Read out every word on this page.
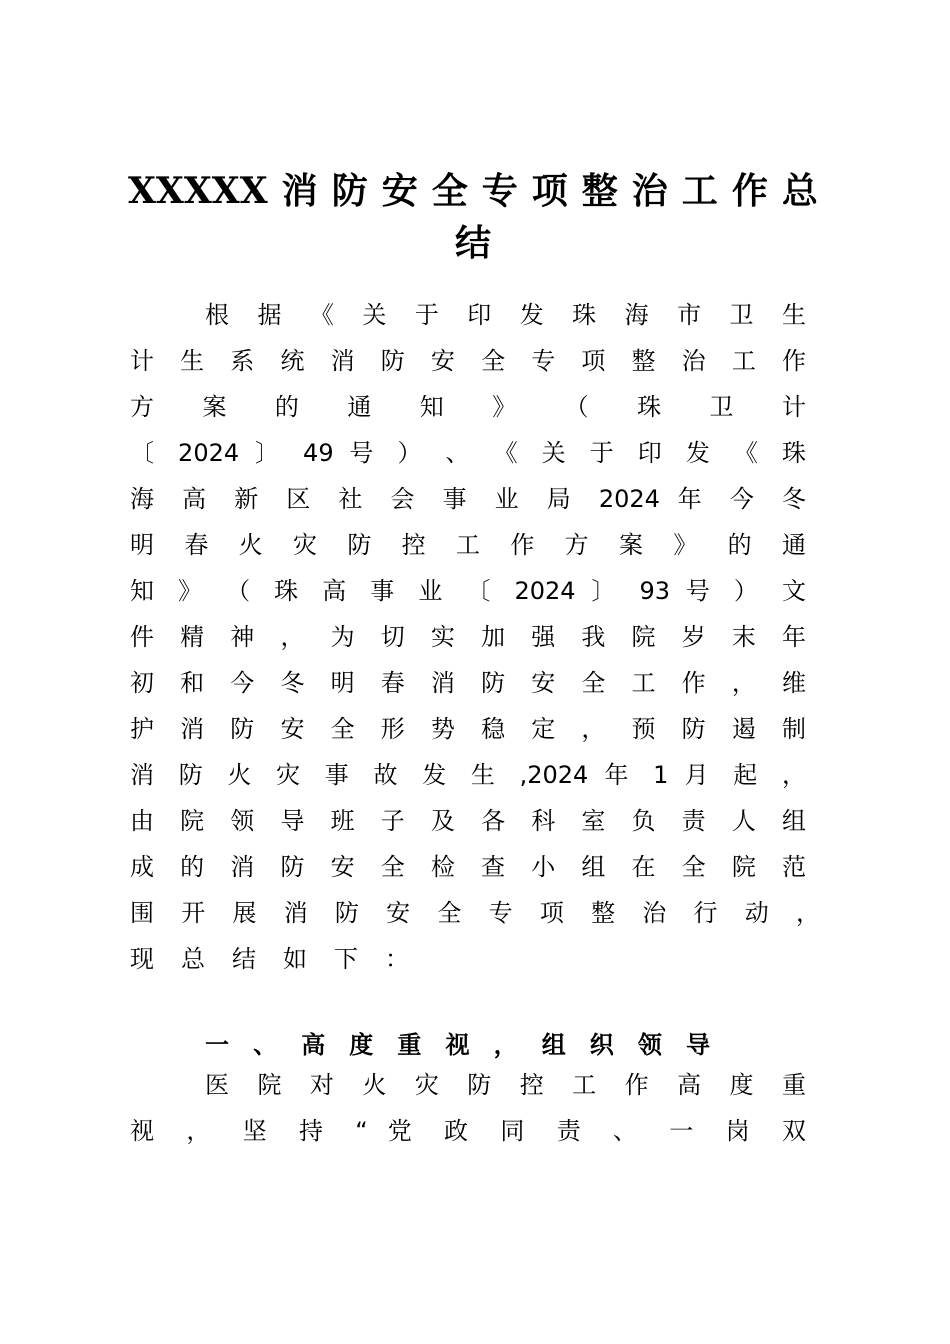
XXXXX 消 防 安 全 专 项 整 治 工 作 总
结
根 据 《 关 于 印 发 珠 海 市 卫 生
计 生 系 统 消 防 安 全 专 项 整 治 工 作
方 案 的 通 知 》 （ 珠 卫 计
〔 2024 〕 49 号 ） 、 《 关 于 印 发 《 珠
海 高 新 区 社 会 事 业 局 2024 年 今 冬
明 春 火 灾 防 控 工 作 方 案 》 的 通
知 》 （ 珠 高 事 业 〔 2024 〕 93 号 ） 文
件 精 神 ， 为 切 实 加 强 我 院 岁 末 年
初 和 今 冬 明 春 消 防 安 全 工 作 ， 维
护 消 防 安 全 形 势 稳 定 ， 预 防 遏 制
消 防 火 灾 事 故 发 生 ,2024 年 1 月 起 ，
由 院 领 导 班 子 及 各 科 室 负 责 人 组
成 的 消 防 安 全 检 查 小 组 在 全 院 范
围 开 展 消 防 安 全 专 项 整 治 行 动 ，
现总结如下：
一 、 高 度 重 视 ， 组 织 领 导
医 院 对 火 灾 防 控 工 作 高 度 重
视 ， 坚 持 “ 党 政 同 责 、 一 岗 双
